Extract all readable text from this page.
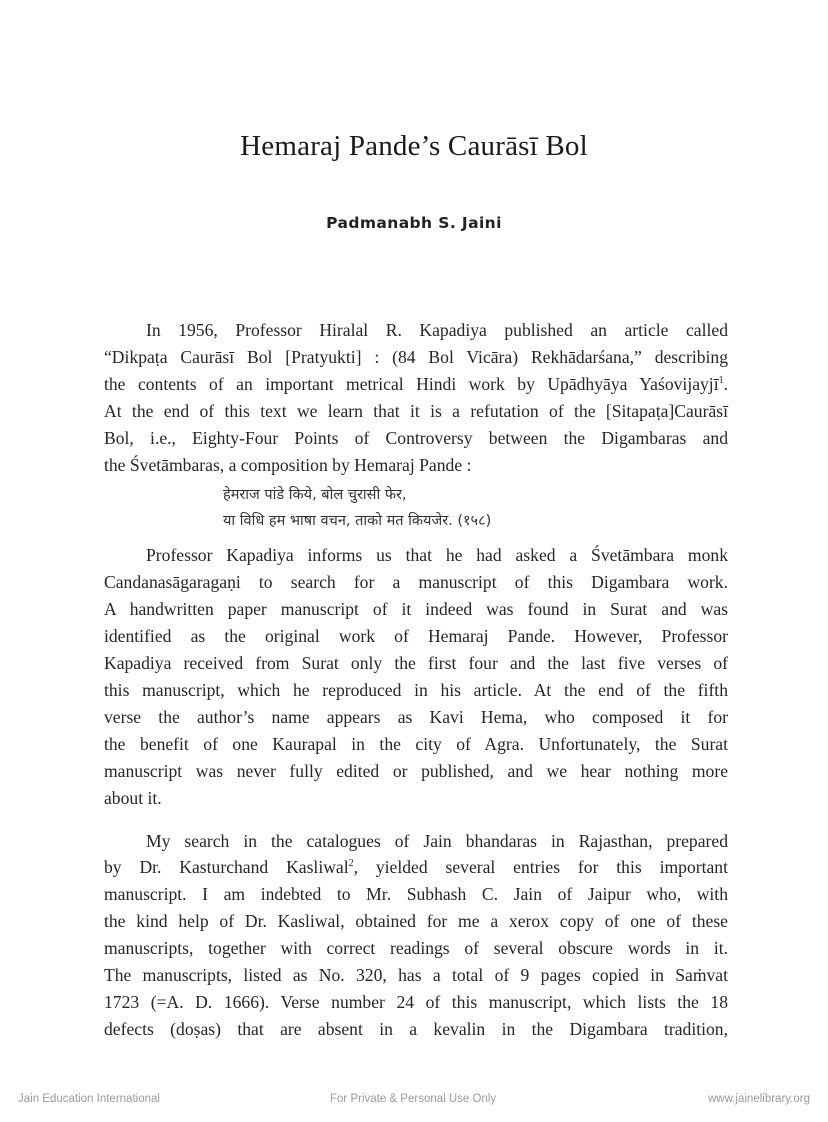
Hemaraj Pande’s Caurāsī Bol
Padmanabh S. Jaini
In 1956, Professor Hiralal R. Kapadiya published an article called
“Dikpaṭa Caurāsī Bol [Pratyukti] : (84 Bol Vicāra) Rekhādarśana,” describing
the contents of an important metrical Hindi work by Upādhyāya Yaśovijayjī$^1$.
At the end of this text we learn that it is a refutation of the [Sitapaṭa]Caurāsī
Bol, i.e., Eighty-Four Points of Controversy between the Digambaras and
the Śvetāmbaras, a composition by Hemaraj Pande :
हेमराज पांडे किये, बोल चुरासी फेर,
या विधि हम भाषा वचन, ताको मत कियजेर. (१५८)
Professor Kapadiya informs us that he had asked a Śvetāmbara monk
Candanasāgaragaṇi to search for a manuscript of this Digambara work.
A handwritten paper manuscript of it indeed was found in Surat and was
identified as the original work of Hemaraj Pande. However, Professor
Kapadiya received from Surat only the first four and the last five verses of
this manuscript, which he reproduced in his article. At the end of the fifth
verse the author’s name appears as Kavi Hema, who composed it for
the benefit of one Kaurapal in the city of Agra. Unfortunately, the Surat
manuscript was never fully edited or published, and we hear nothing more
about it.
My search in the catalogues of Jain bhandaras in Rajasthan, prepared
by Dr. Kasturchand Kasliwal$^2$, yielded several entries for this important
manuscript. I am indebted to Mr. Subhash C. Jain of Jaipur who, with
the kind help of Dr. Kasliwal, obtained for me a xerox copy of one of these
manuscripts, together with correct readings of several obscure words in it.
The manuscripts, listed as No. 320, has a total of 9 pages copied in Saṁvat
1723 (=A. D. 1666). Verse number 24 of this manuscript, which lists the 18
defects (doṣas) that are absent in a kevalin in the Digambara tradition,
Jain Education International	For Private & Personal Use Only	www.jainelibrary.org
